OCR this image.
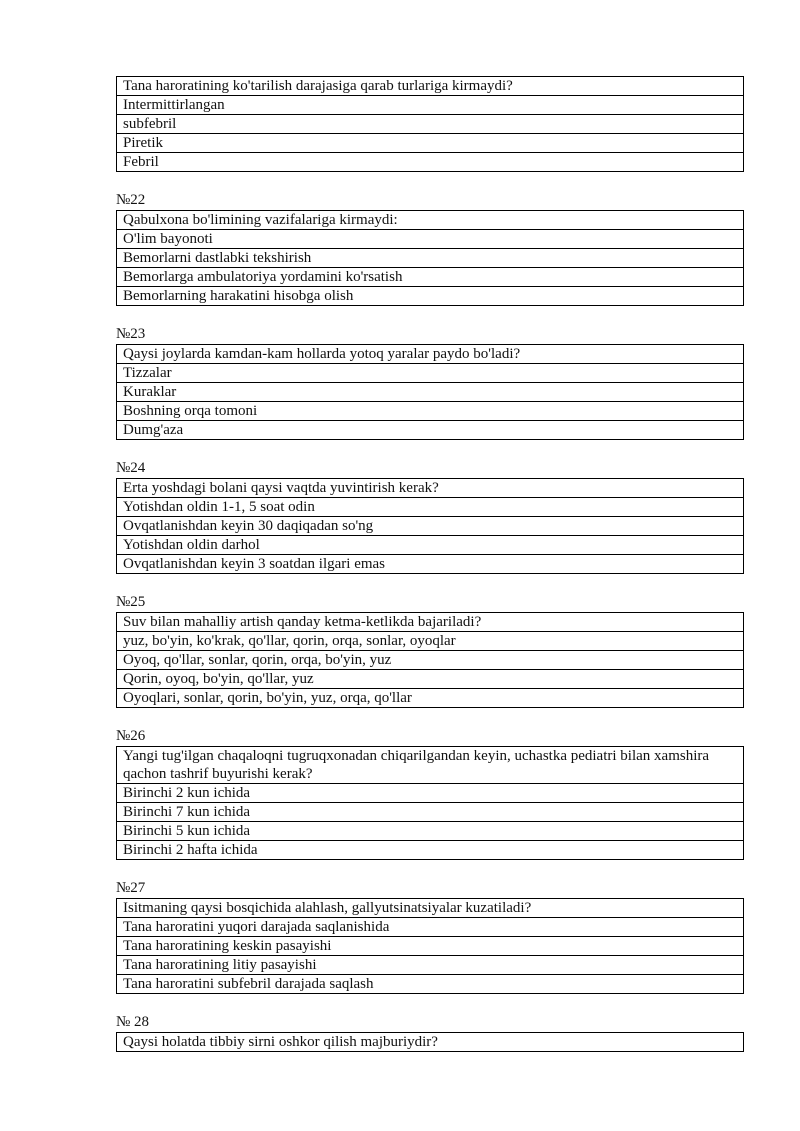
Tana haroratining ko'tarilish darajasiga qarab turlariga kirmaydi?
Intermittirlangan
subfebril
Piretik
Febril
№22
Qabulxona bo'limining vazifalariga kirmaydi:
O'lim bayonoti
Bemorlarni dastlabki tekshirish
Bemorlarga ambulatoriya yordamini ko'rsatish
Bemorlarning harakatini hisobga olish
№23
Qaysi joylarda kamdan-kam hollarda yotoq yaralar paydo bo'ladi?
Tizzalar
Kuraklar
Boshning orqa tomoni
Dumg'aza
№24
Erta yoshdagi bolani qaysi vaqtda yuvintirish kerak?
Yotishdan oldin 1-1, 5 soat odin
Ovqatlanishdan keyin 30 daqiqadan so'ng
Yotishdan oldin darhol
Ovqatlanishdan keyin 3 soatdan ilgari emas
№25
Suv bilan mahalliy artish qanday ketma-ketlikda bajariladi?
yuz, bo'yin, ko'krak, qo'llar, qorin, orqa, sonlar, oyoqlar
Oyoq, qo'llar, sonlar, qorin, orqa, bo'yin, yuz
Qorin, oyoq, bo'yin, qo'llar, yuz
Oyoqlari, sonlar, qorin, bo'yin, yuz, orqa, qo'llar
№26
Yangi tug'ilgan chaqaloqni tugruqxonadan chiqarilgandan keyin, uchastka pediatri bilan xamshira qachon tashrif buyurishi kerak?
Birinchi 2 kun ichida
Birinchi 7 kun ichida
Birinchi 5 kun ichida
Birinchi 2 hafta ichida
№27
Isitmaning qaysi bosqichida alahlash, gallyutsinatsiyalar kuzatiladi?
Tana haroratini yuqori darajada saqlanishida
Tana haroratining keskin pasayishi
Tana haroratining litiy pasayishi
Tana haroratini subfebril darajada saqlash
№ 28
Qaysi holatda tibbiy sirni oshkor qilish majburiydir?
